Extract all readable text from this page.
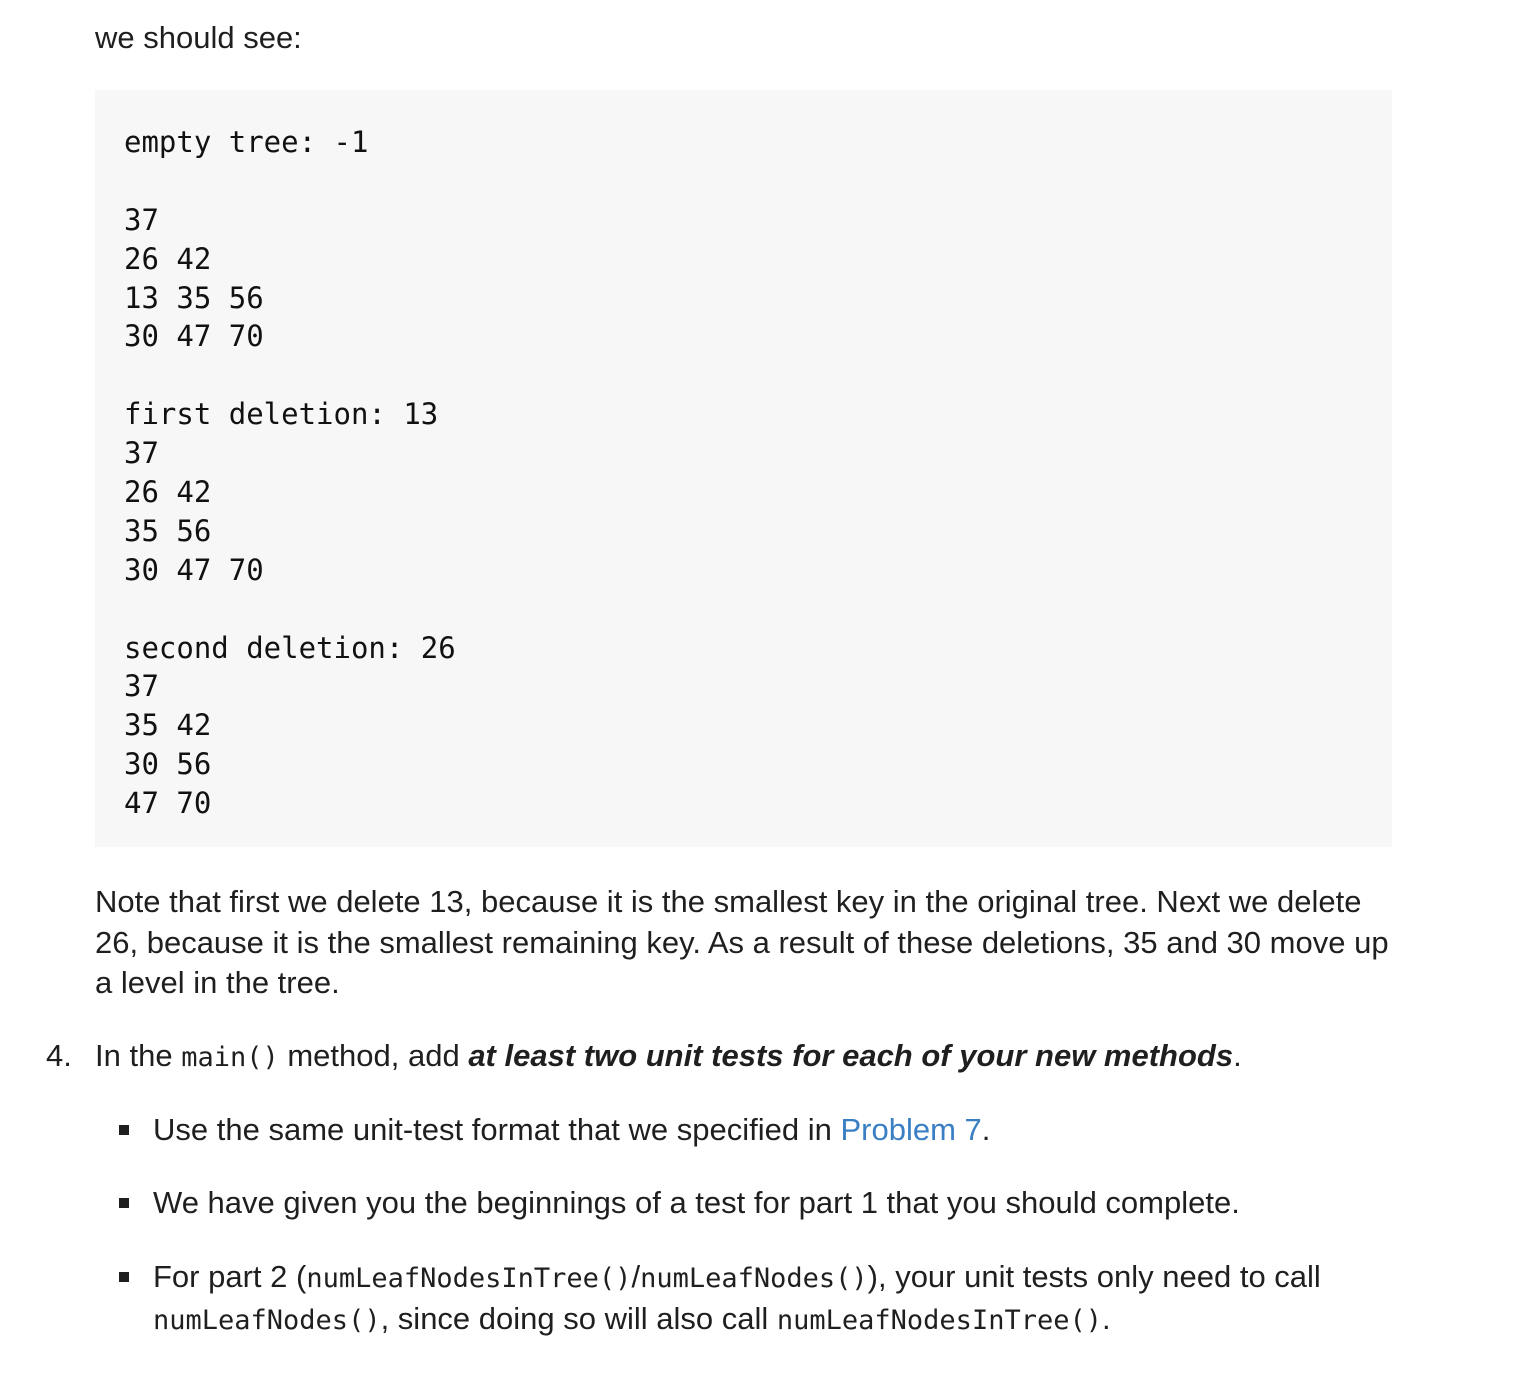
we should see:

empty tree: -1
37
26 42
13 35 56
30 47 70
first deletion: 13
37
26 42
35 56
30 47 70
second deletion: 26
37
35 42
30 56
47 70

Note that first we delete 13, because it is the smallest key in the original tree. Next we delete 26, because it is the smallest remaining key. As a result of these deletions, 35 and 30 move up a level in the tree.

4. In the main() method, add at least two unit tests for each of your new methods.

Use the same unit-test format that we specified in Problem 7.
We have given you the beginnings of a test for part 1 that you should complete.
For part 2 (numLeafNodesInTree()/numLeafNodes()), your unit tests only need to call numLeafNodes(), since doing so will also call numLeafNodesInTree().
